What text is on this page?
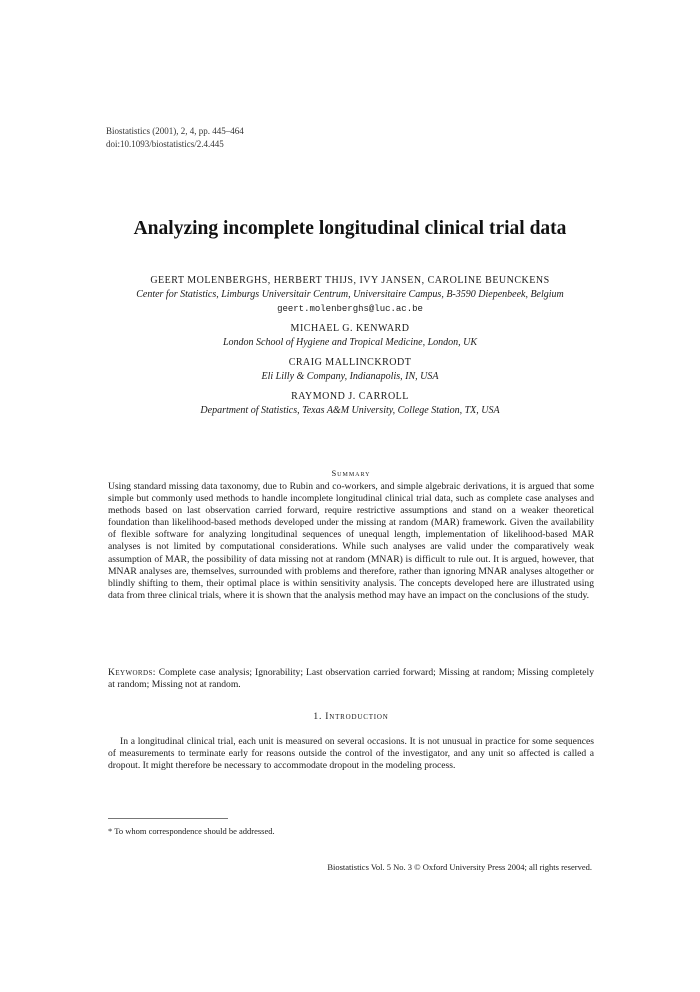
Biostatistics (2001), 2, 4, pp. 445–464
doi:10.1093/biostatistics/2.4.445
Analyzing incomplete longitudinal clinical trial data
GEERT MOLENBERGHS, HERBERT THIJS, IVY JANSEN, CAROLINE BEUNCKENS
Center for Statistics, Limburgs Universitair Centrum, Universitaire Campus, B-3590 Diepenbeek, Belgium
geert.molenberghs@luc.ac.be
MICHAEL G. KENWARD
London School of Hygiene and Tropical Medicine, London, UK
CRAIG MALLINCKRODT
Eli Lilly & Company, Indianapolis, IN, USA
RAYMOND J. CARROLL
Department of Statistics, Texas A&M University, College Station, TX, USA
Summary
Using standard missing data taxonomy, due to Rubin and co-workers, and simple algebraic derivations, it is argued that some simple but commonly used methods to handle incomplete longitudinal clinical trial data, such as complete case analyses and methods based on last observation carried forward, require restrictive assumptions and stand on a weaker theoretical foundation than likelihood-based methods developed under the missing at random (MAR) framework. Given the availability of flexible software for analyzing longitudinal sequences of unequal length, implementation of likelihood-based MAR analyses is not limited by computational considerations. While such analyses are valid under the comparatively weak assumption of MAR, the possibility of data missing not at random (MNAR) is difficult to rule out. It is argued, however, that MNAR analyses are, themselves, surrounded with problems and therefore, rather than ignoring MNAR analyses altogether or blindly shifting to them, their optimal place is within sensitivity analysis. The concepts developed here are illustrated using data from three clinical trials, where it is shown that the analysis method may have an impact on the conclusions of the study.
Keywords: Complete case analysis; Ignorability; Last observation carried forward; Missing at random; Missing completely at random; Missing not at random.
1. Introduction
In a longitudinal clinical trial, each unit is measured on several occasions. It is not unusual in practice for some sequences of measurements to terminate early for reasons outside the control of the investigator, and any unit so affected is called a dropout. It might therefore be necessary to accommodate dropout in the modeling process.
* To whom correspondence should be addressed.
Biostatistics Vol. 5 No. 3 © Oxford University Press 2004; all rights reserved.
